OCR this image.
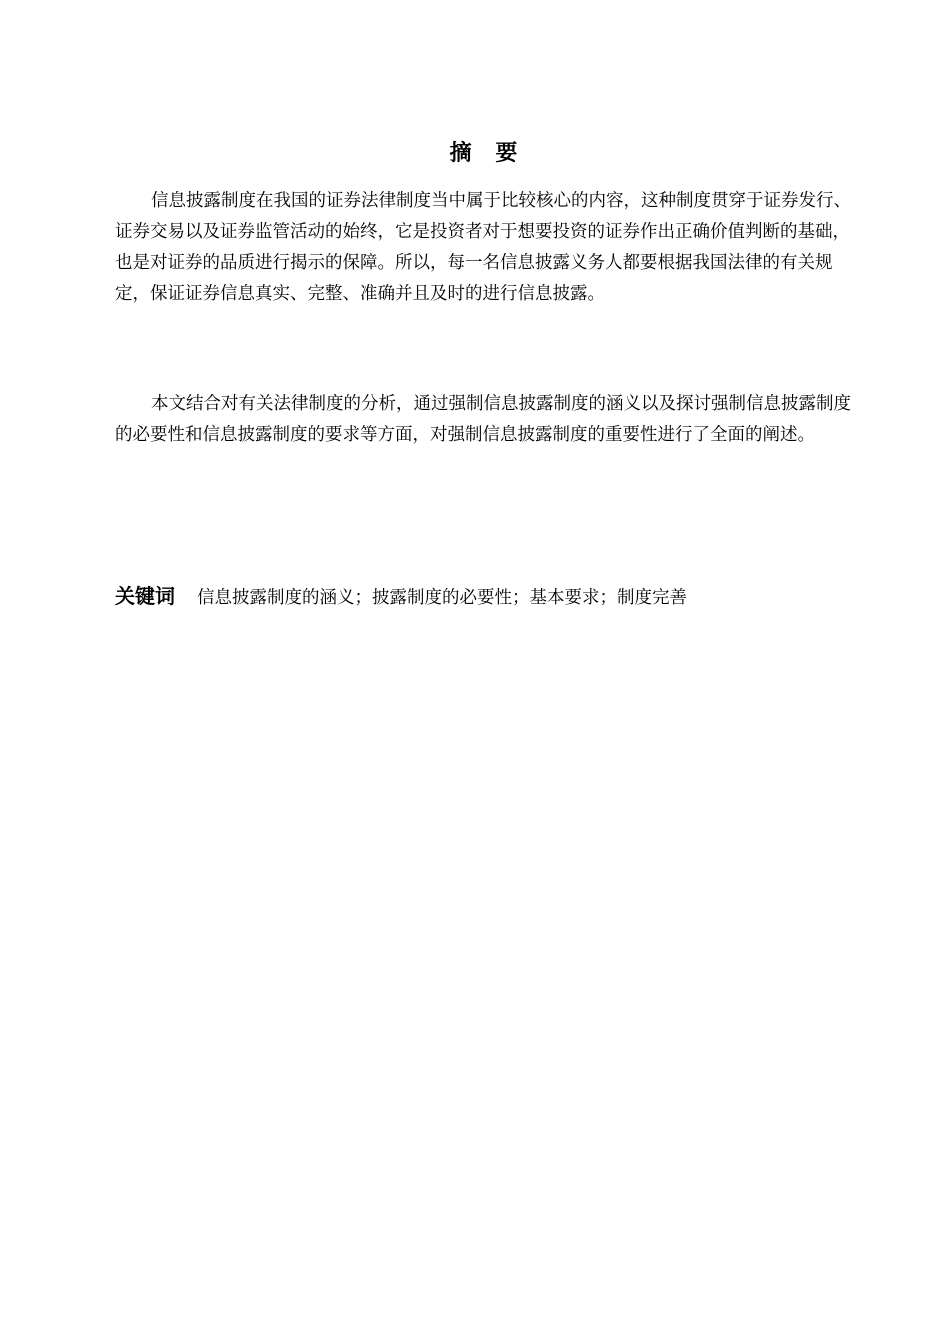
摘 要

信息披露制度在我国的证券法律制度当中属于比较核心的内容，这种制度贯穿于证券发行、证券交易以及证券监管活动的始终，它是投资者对于想要投资的证券作出正确价值判断的基础，也是对证券的品质进行揭示的保障。所以，每一名信息披露义务人都要根据我国法律的有关规定，保证证券信息真实、完整、准确并且及时的进行信息披露。

本文结合对有关法律制度的分析，通过强制信息披露制度的涵义以及探讨强制信息披露制度的必要性和信息披露制度的要求等方面，对强制信息披露制度的重要性进行了全面的阐述。

关键词 信息披露制度的涵义；披露制度的必要性；基本要求；制度完善
